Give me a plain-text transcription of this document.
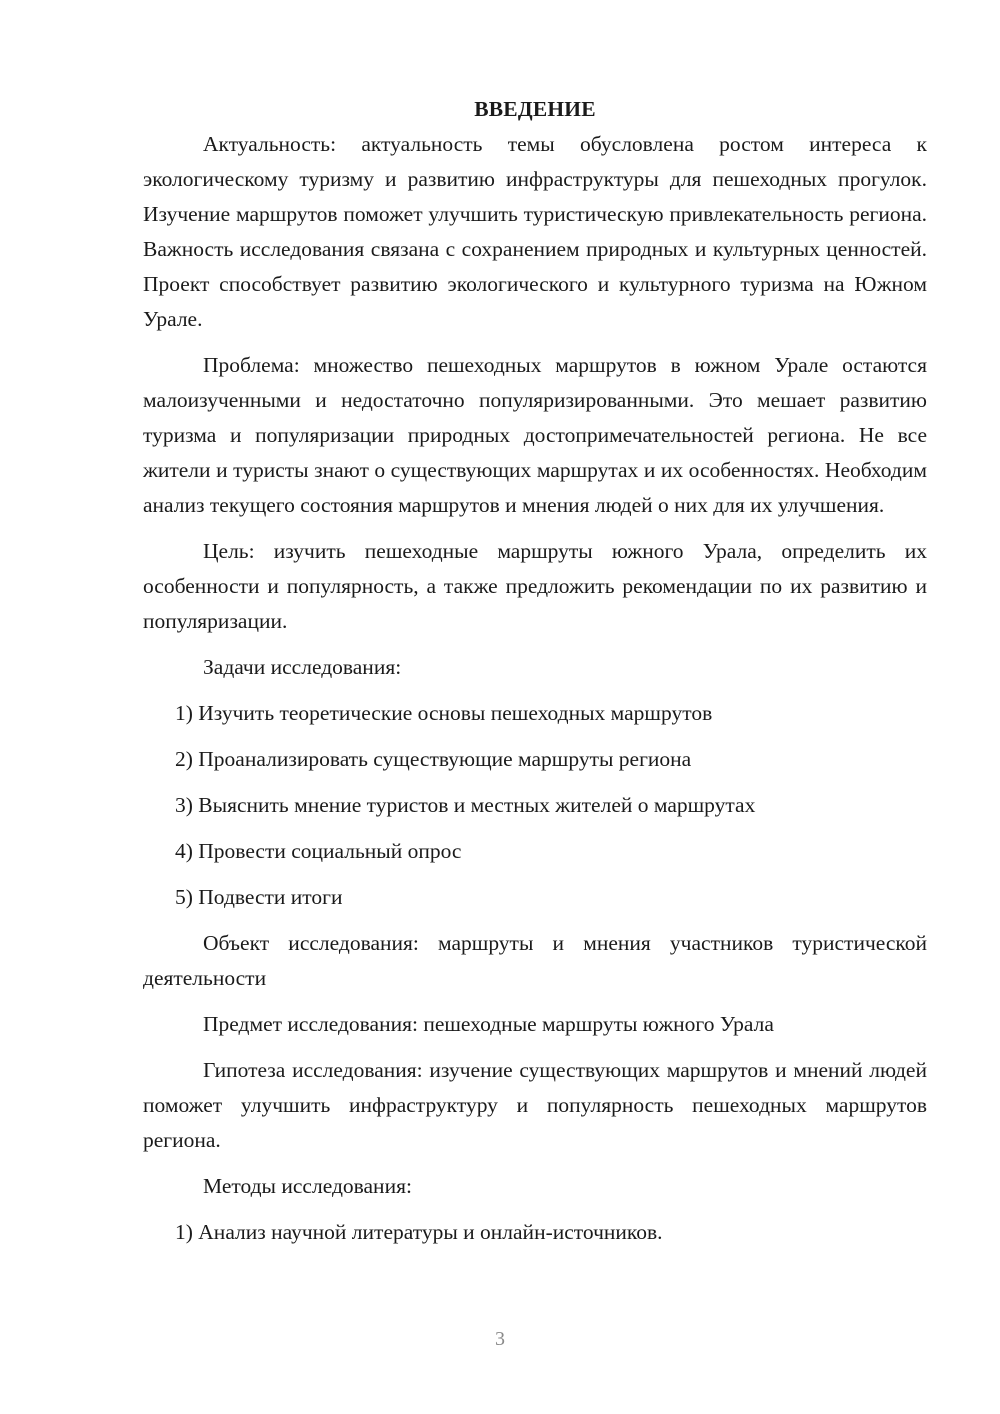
ВВЕДЕНИЕ

Актуальность: актуальность темы обусловлена ростом интереса к экологическому туризму и развитию инфраструктуры для пешеходных прогулок. Изучение маршрутов поможет улучшить туристическую привлекательность региона. Важность исследования связана с сохранением природных и культурных ценностей. Проект способствует развитию экологического и культурного туризма на Южном Урале.

Проблема: множество пешеходных маршрутов в южном Урале остаются малоизученными и недостаточно популяризированными. Это мешает развитию туризма и популяризации природных достопримечательностей региона. Не все жители и туристы знают о существующих маршрутах и их особенностях. Необходим анализ текущего состояния маршрутов и мнения людей о них для их улучшения.

Цель: изучить пешеходные маршруты южного Урала, определить их особенности и популярность, а также предложить рекомендации по их развитию и популяризации.

Задачи исследования:

1) Изучить теоретические основы пешеходных маршрутов

2) Проанализировать существующие маршруты региона

3) Выяснить мнение туристов и местных жителей о маршрутах

4) Провести социальный опрос

5) Подвести итоги

Объект исследования: маршруты и мнения участников туристической деятельности

Предмет исследования: пешеходные маршруты южного Урала

Гипотеза исследования: изучение существующих маршрутов и мнений людей поможет улучшить инфраструктуру и популярность пешеходных маршрутов региона.

Методы исследования:

1) Анализ научной литературы и онлайн-источников.

3
